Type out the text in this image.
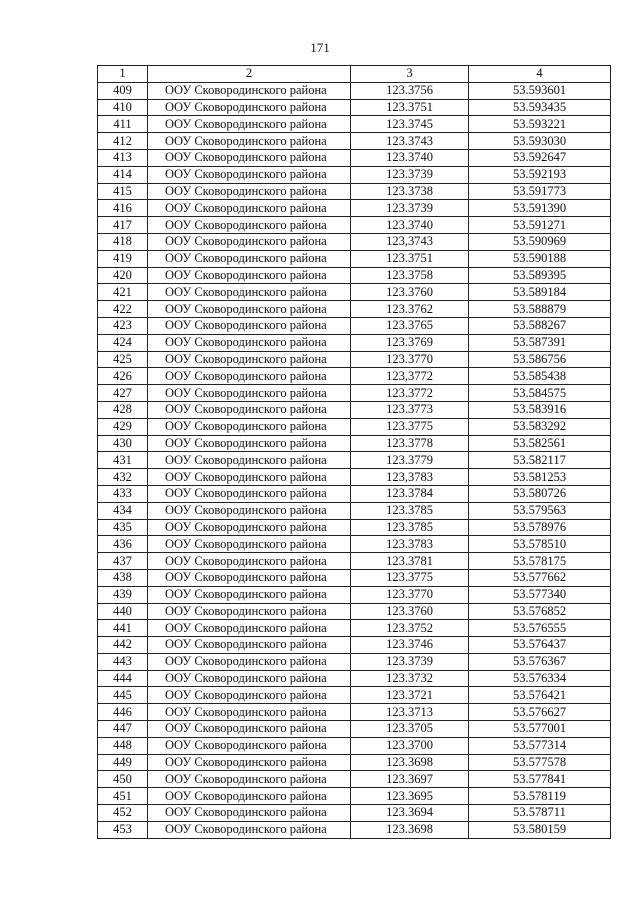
171
1	2	3	4
409	ООУ Сковородинского района	123.3756	53.593601
410	ООУ Сковородинского района	123.3751	53.593435
411	ООУ Сковородинского района	123.3745	53.593221
412	ООУ Сковородинского района	123.3743	53.593030
413	ООУ Сковородинского района	123.3740	53.592647
414	ООУ Сковородинского района	123.3739	53.592193
415	ООУ Сковородинского района	123.3738	53.591773
416	ООУ Сковородинского района	123.3739	53.591390
417	ООУ Сковородинского района	123.3740	53.591271
418	ООУ Сковородинского района	123,3743	53.590969
419	ООУ Сковородинского района	123.3751	53.590188
420	ООУ Сковородинского района	123.3758	53.589395
421	ООУ Сковородинского района	123.3760	53.589184
422	ООУ Сковородинского района	123.3762	53.588879
423	ООУ Сковородинского района	123.3765	53.588267
424	ООУ Сковородинского района	123.3769	53.587391
425	ООУ Сковородинского района	123.3770	53.586756
426	ООУ Сковородинского района	123,3772	53.585438
427	ООУ Сковородинского района	123.3772	53.584575
428	ООУ Сковородинского района	123.3773	53.583916
429	ООУ Сковородинского района	123.3775	53.583292
430	ООУ Сковородинского района	123.3778	53.582561
431	ООУ Сковородинского района	123.3779	53.582117
432	ООУ Сковородинского района	123,3783	53.581253
433	ООУ Сковородинского района	123.3784	53.580726
434	ООУ Сковородинского района	123.3785	53.579563
435	ООУ Сковородинского района	123.3785	53.578976
436	ООУ Сковородинского района	123.3783	53.578510
437	ООУ Сковородинского района	123.3781	53.578175
438	ООУ Сковородинского района	123.3775	53.577662
439	ООУ Сковородинского района	123.3770	53.577340
440	ООУ Сковородинского района	123.3760	53.576852
441	ООУ Сковородинского района	123.3752	53.576555
442	ООУ Сковородинского района	123.3746	53.576437
443	ООУ Сковородинского района	123.3739	53.576367
444	ООУ Сковородинского района	123.3732	53.576334
445	ООУ Сковородинского района	123.3721	53.576421
446	ООУ Сковородинского района	123.3713	53.576627
447	ООУ Сковородинского района	123.3705	53.577001
448	ООУ Сковородинского района	123.3700	53.577314
449	ООУ Сковородинского района	123.3698	53.577578
450	ООУ Сковородинского района	123.3697	53.577841
451	ООУ Сковородинского района	123.3695	53.578119
452	ООУ Сковородинского района	123.3694	53.578711
453	ООУ Сковородинского района	123.3698	53.580159
